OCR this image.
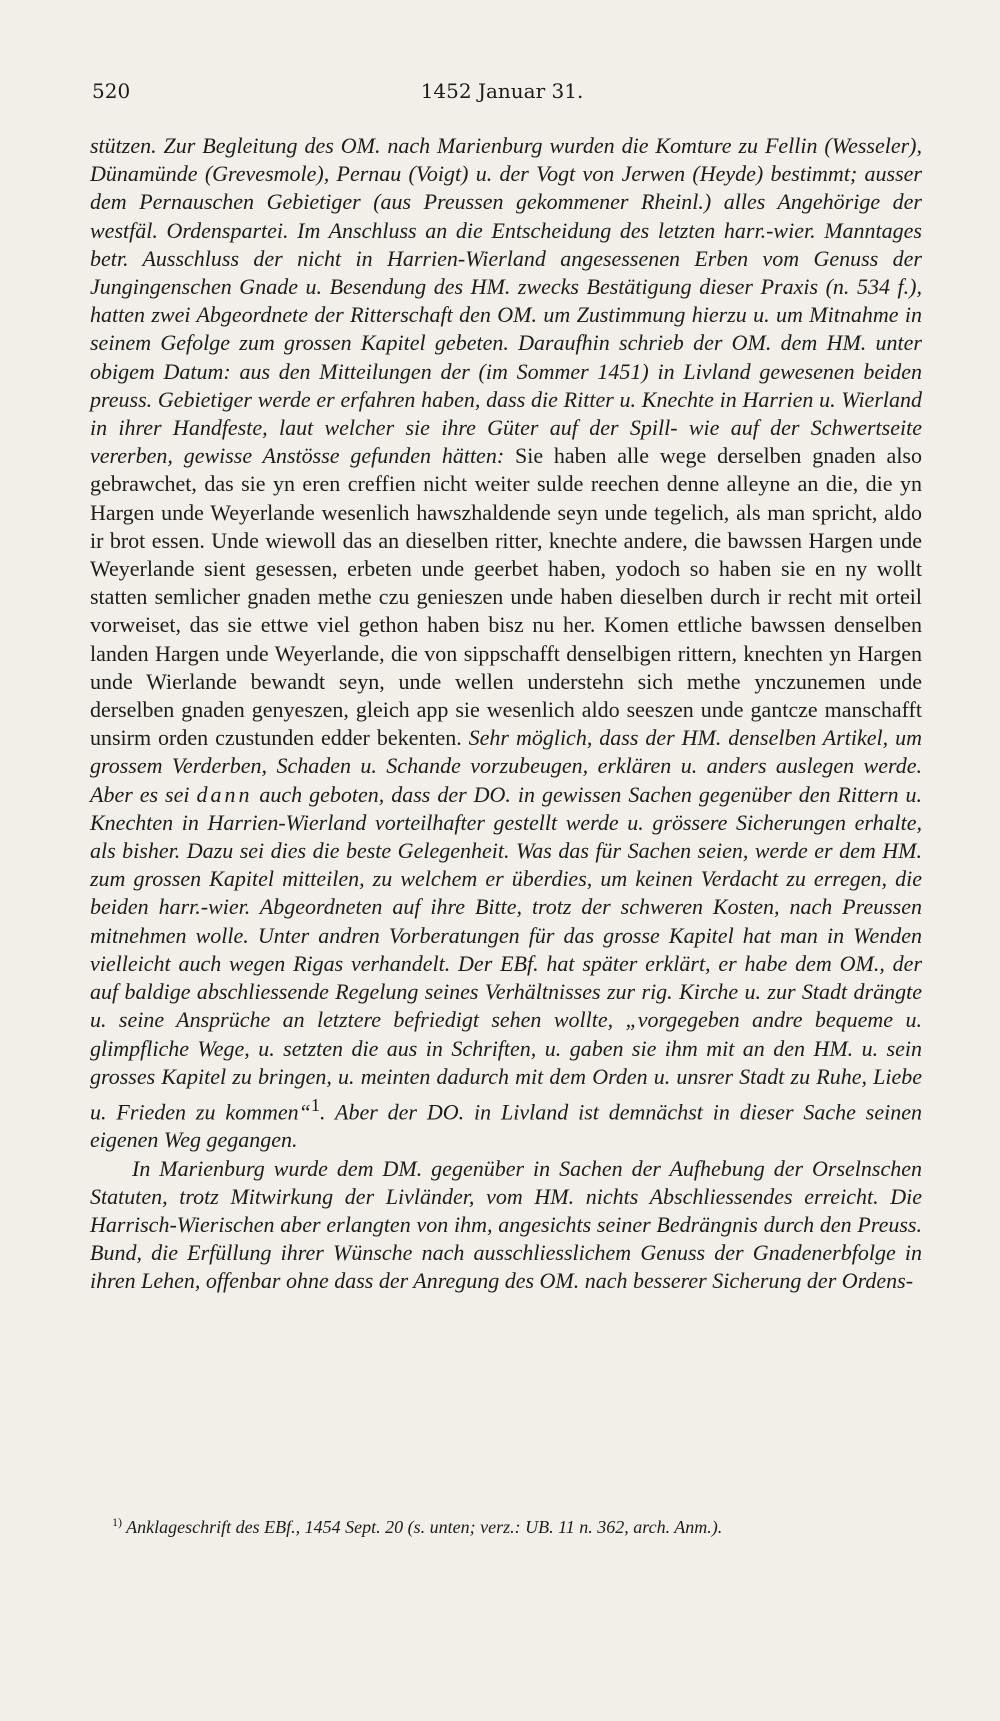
520	1452 Januar 31.

stützen. Zur Begleitung des OM. nach Marienburg wurden die Komture zu Fellin (Wesseler), Dünamünde (Grevesmole), Pernau (Voigt) u. der Vogt von Jerwen (Heyde) bestimmt; ausser dem Pernauschen Gebietiger (aus Preussen gekommener Rheinl.) alles Angehörige der westfäl. Ordenspartei. Im Anschluss an die Entscheidung des letzten harr.-wier. Manntages betr. Ausschluss der nicht in Harrien-Wierland angesessenen Erben vom Genuss der Jungingenschen Gnade u. Besendung des HM. zwecks Bestätigung dieser Praxis (n. 534 f.), hatten zwei Abgeordnete der Ritterschaft den OM. um Zustimmung hierzu u. um Mitnahme in seinem Gefolge zum grossen Kapitel gebeten. Daraufhin schrieb der OM. dem HM. unter obigem Datum: aus den Mitteilungen der (im Sommer 1451) in Livland gewesenen beiden preuss. Gebietiger werde er erfahren haben, dass die Ritter u. Knechte in Harrien u. Wierland in ihrer Handfeste, laut welcher sie ihre Güter auf der Spill- wie auf der Schwertseite vererben, gewisse Anstösse gefunden hätten: Sie haben alle wege derselben gnaden also gebrawchet, das sie yn eren creffien nicht weiter sulde reechen denne alleyne an die, die yn Hargen unde Weyerlande wesenlich hawszhaldende seyn unde tegelich, als man spricht, aldo ir brot essen. Unde wiewoll das an dieselben ritter, knechte andere, die bawssen Hargen unde Weyerlande sient gesessen, erbeten unde geerbet haben, yodoch so haben sie en ny wollt statten semlicher gnaden methe czu genieszen unde haben dieselben durch ir recht mit orteil vorweiset, das sie ettwe viel gethon haben bisz nu her. Komen ettliche bawssen denselben landen Hargen unde Weyerlande, die von sippschafft denselbigen rittern, knechten yn Hargen unde Wierlande bewandt seyn, unde wellen understehn sich methe ynczunemen unde derselben gnaden genyeszen, gleich app sie wesenlich aldo seeszen unde gantcze manschafft unsirm orden czustunden edder bekenten. Sehr möglich, dass der HM. denselben Artikel, um grossem Verderben, Schaden u. Schande vorzubeugen, erklären u. anders auslegen werde. Aber es sei dann auch geboten, dass der DO. in gewissen Sachen gegenüber den Rittern u. Knechten in Harrien-Wierland vorteilhafter gestellt werde u. grössere Sicherungen erhalte, als bisher. Dazu sei dies die beste Gelegenheit. Was das für Sachen seien, werde er dem HM. zum grossen Kapitel mitteilen, zu welchem er überdies, um keinen Verdacht zu erregen, die beiden harr.-wier. Abgeordneten auf ihre Bitte, trotz der schweren Kosten, nach Preussen mitnehmen wolle. Unter andren Vorberatungen für das grosse Kapitel hat man in Wenden vielleicht auch wegen Rigas verhandelt. Der EBf. hat später erklärt, er habe dem OM., der auf baldige abschliessende Regelung seines Verhältnisses zur rig. Kirche u. zur Stadt drängte u. seine Ansprüche an letztere befriedigt sehen wollte, „vorgegeben andre bequeme u. glimpfliche Wege, u. setzten die aus in Schriften, u. gaben sie ihm mit an den HM. u. sein grosses Kapitel zu bringen, u. meinten dadurch mit dem Orden u. unsrer Stadt zu Ruhe, Liebe u. Frieden zu kommen“$^1$. Aber der DO. in Livland ist demnächst in dieser Sache seinen eigenen Weg gegangen.

In Marienburg wurde dem DM. gegenüber in Sachen der Aufhebung der Orselnschen Statuten, trotz Mitwirkung der Livländer, vom HM. nichts Abschliessendes erreicht. Die Harrisch-Wierischen aber erlangten von ihm, angesichts seiner Bedrängnis durch den Preuss. Bund, die Erfüllung ihrer Wünsche nach ausschliesslichem Genuss der Gnadenerbfolge in ihren Lehen, offenbar ohne dass der Anregung des OM. nach besserer Sicherung der Ordens-

$^{1)}$ Anklageschrift des EBf., 1454 Sept. 20 (s. unten; verz.: UB. 11 n. 362, arch. Anm.).
